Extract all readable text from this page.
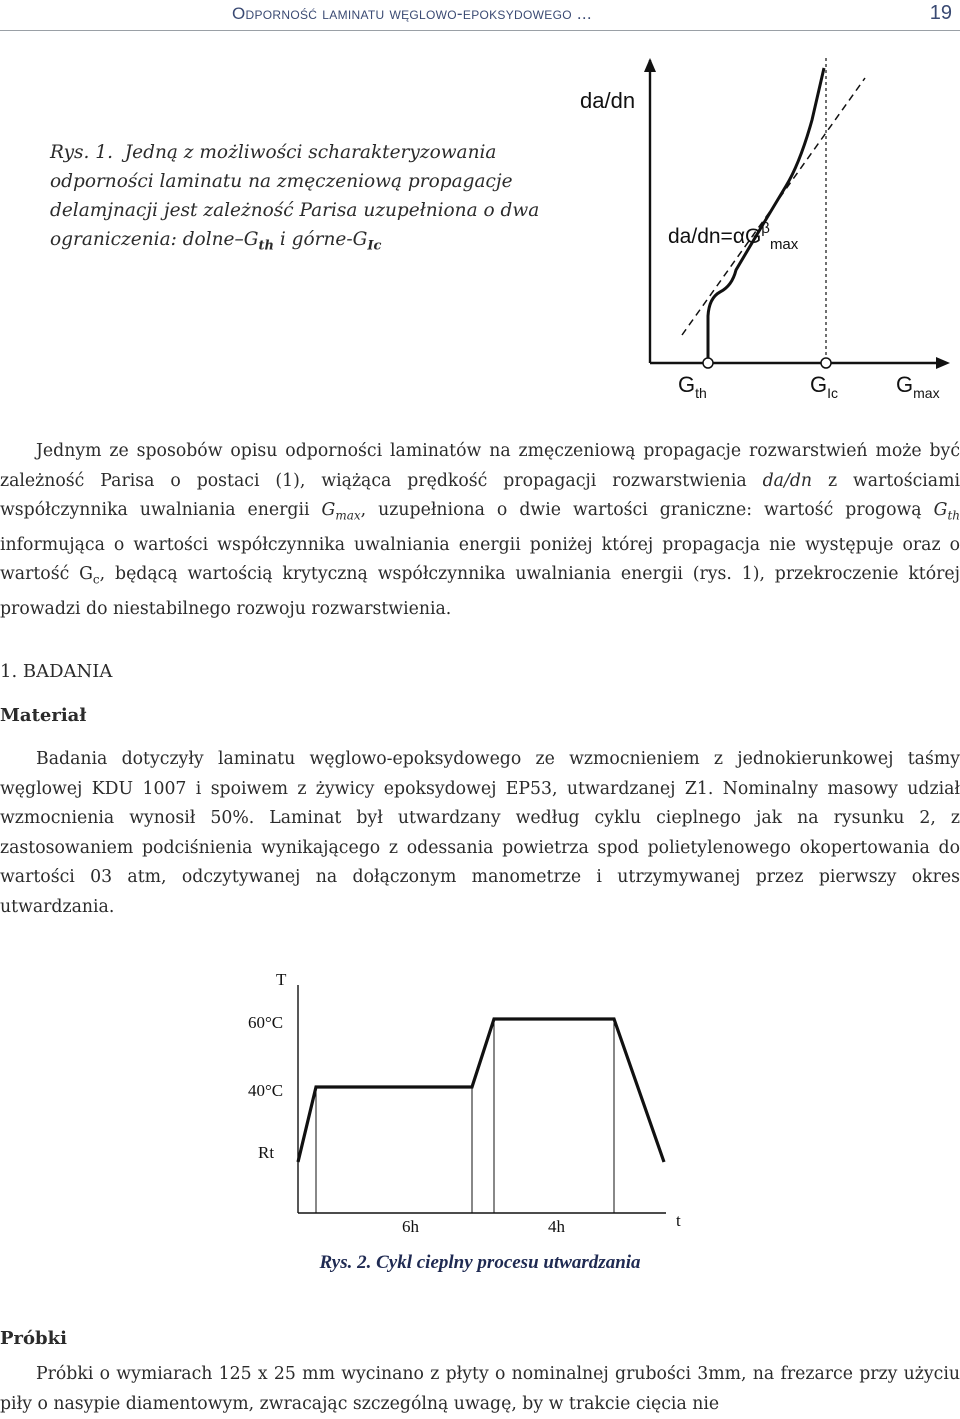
Odporność laminatu węglowo-epoksydowego ...	19
Rys. 1. Jedną z możliwości scharakteryzowania odporności laminatu na zmęczeniową propagacje delamjnacji jest zależność Parisa uzupełniona o dwa ograniczenia: dolne–$G_{th}$ i górne-$G_{Ic}$
da/dn
$da/dn=\alpha G^\beta_{max}$
$G_{th}$	$G_{Ic}$	$G_{max}$

Jednym ze sposobów opisu odporności laminatów na zmęczeniową propagacje rozwarstwień może być zależność Parisa o postaci (1), wiążąca prędkość propagacji rozwarstwienia da/dn z wartościami współczynnika uwalniania energii $G_{max}$, uzupełniona o dwie wartości graniczne: wartość progową $G_{th}$ informująca o wartości współczynnika uwalniania energii poniżej której propagacja nie występuje oraz o wartość $G_c$, będącą wartością krytyczną współczynnika uwalniania energii (rys. 1), przekroczenie której prowadzi do niestabilnego rozwoju rozwarstwienia.

1. BADANIA
Materiał

Badania dotyczyły laminatu węglowo-epoksydowego ze wzmocnieniem z jednokierunkowej taśmy węglowej KDU 1007 i spoiwem z żywicy epoksydowej EP53, utwardzanej Z1. Nominalny masowy udział wzmocnienia wynosił 50%. Laminat był utwardzany według cyklu cieplnego jak na rysunku 2, z zastosowaniem podciśnienia wynikającego z odessania powietrza spod polietylenowego okopertowania do wartości 03 atm, odczytywanej na dołączonym manometrze i utrzymywanej przez pierwszy okres utwardzania.

T
60°C
40°C
Rt
t
6h	4h
Rys. 2. Cykl cieplny procesu utwardzania
Próbki

Próbki o wymiarach 125 x 25 mm wycinano z płyty o nominalnej grubości 3mm, na frezarce przy użyciu piły o nasypie diamentowym, zwracając szczególną uwagę, by w trakcie cięcia nie
